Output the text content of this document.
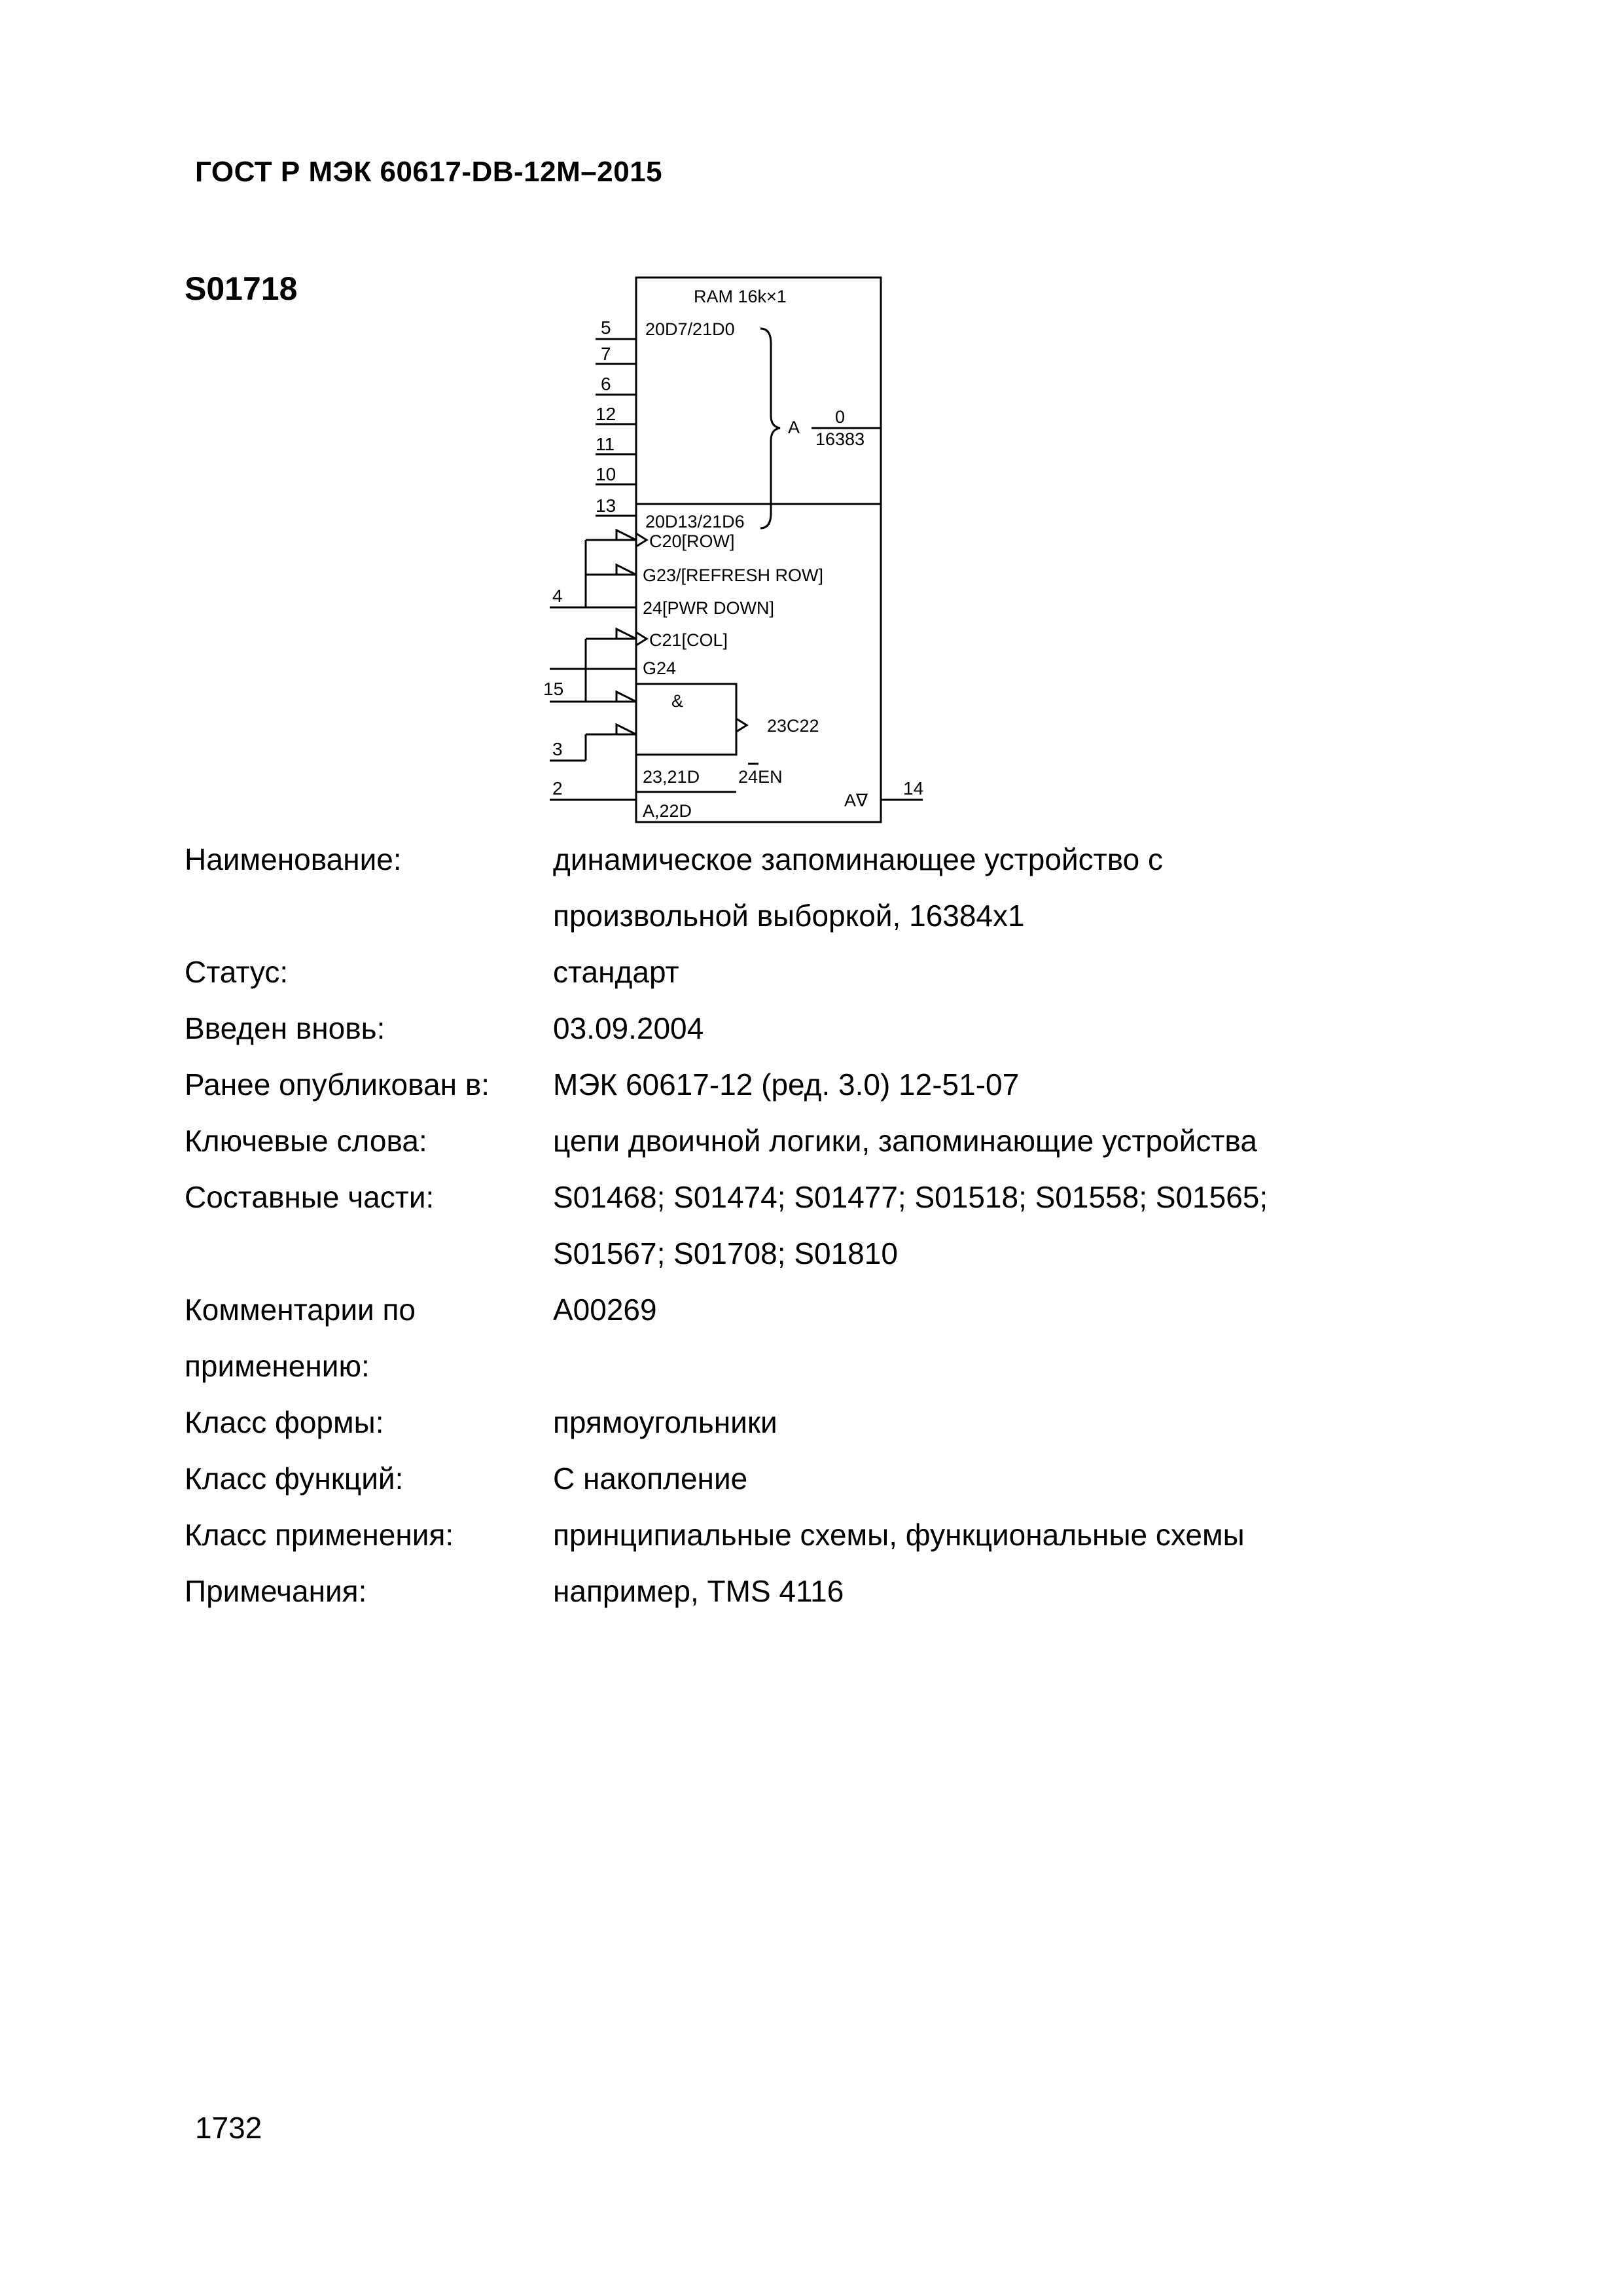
ГОСТ Р МЭК 60617-DB-12M–2015
S01718	RAM 16k×1
20D7/21D0
20D13/21D6
A
0
16383
C20[ROW]
G23/[REFRESH ROW]
24[PWR DOWN]
C21[COL]
G24
&
23C22
23,21D 24EN
A,22D
A∇
5
7
6
12
11
10
13
4
15
3
2	14
Наименование:	динамическое запоминающее устройство с
произвольной выборкой, 16384х1
Статус:	стандарт
Введен вновь:	03.09.2004
Ранее опубликован в:	МЭК 60617-12 (ред. 3.0) 12-51-07
Ключевые слова:	цепи двоичной логики, запоминающие устройства
Составные части:	S01468; S01474; S01477; S01518; S01558; S01565;
S01567; S01708; S01810
Комментарии по применению:
A00269
Класс формы:	прямоугольники
Класс функций:	С накопление
Класс применения:	принципиальные схемы, функциональные схемы
Примечания:	например, TMS 4116
1732
